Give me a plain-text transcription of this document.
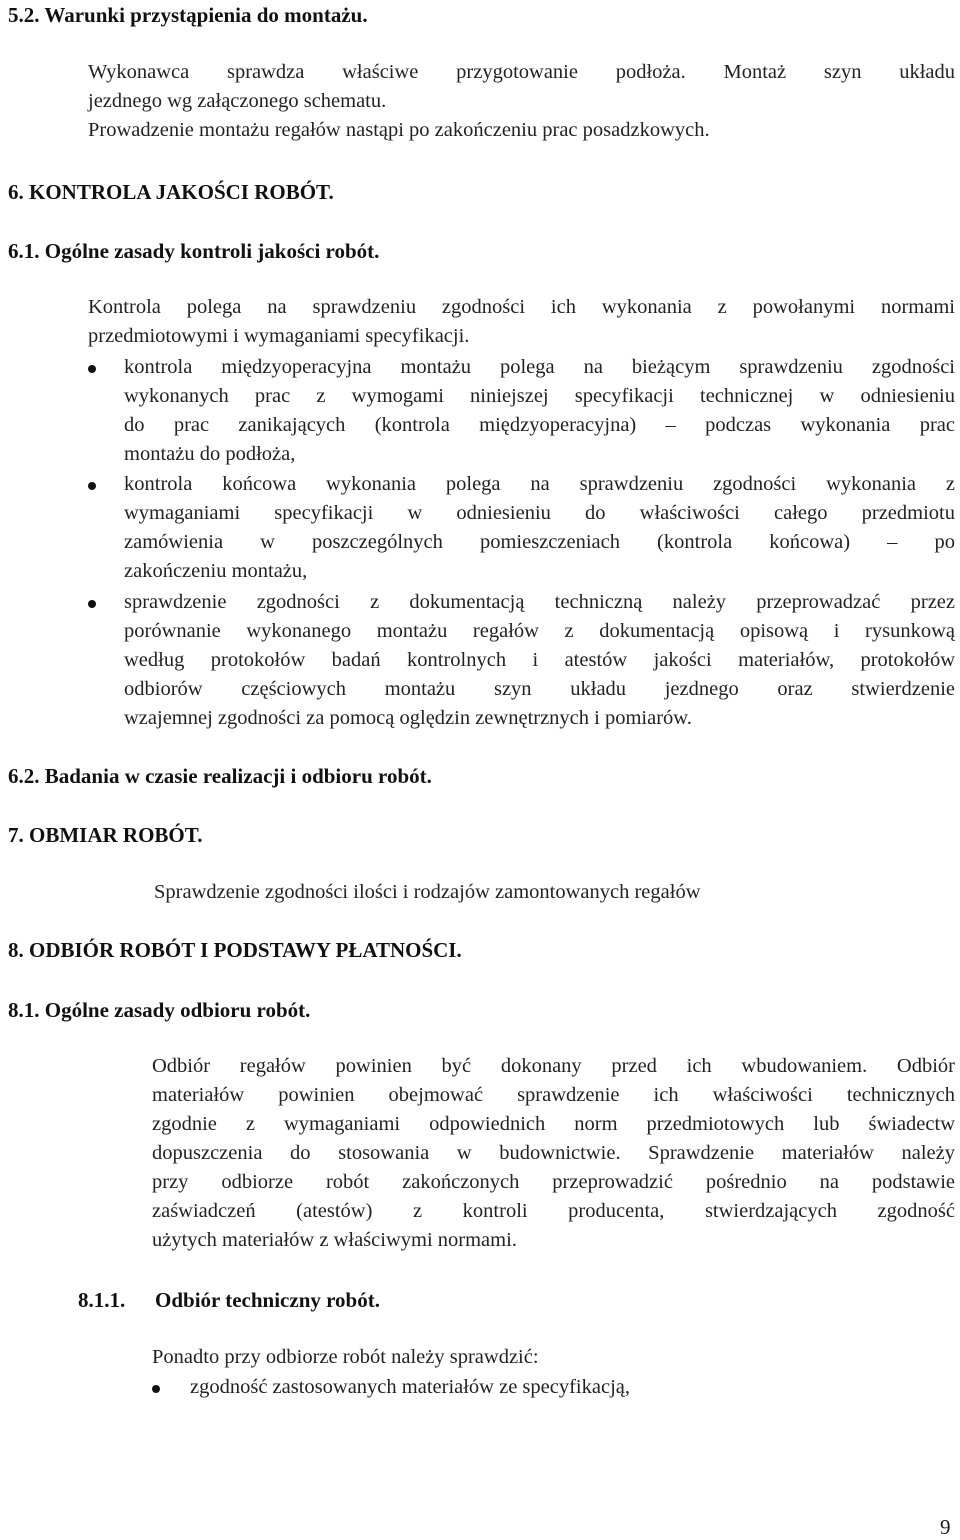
5.2. Warunki przystąpienia do montażu.
Wykonawca sprawdza właściwe przygotowanie podłoża. Montaż szyn układu
jezdnego wg załączonego schematu.
Prowadzenie montażu regałów nastąpi po zakończeniu prac posadzkowych.
6. KONTROLA JAKOŚCI ROBÓT.
6.1. Ogólne zasady kontroli jakości robót.
Kontrola polega na sprawdzeniu zgodności ich wykonania z powołanymi normami
przedmiotowymi i wymaganiami specyfikacji.
kontrola międzyoperacyjna montażu polega na bieżącym sprawdzeniu zgodności
wykonanych prac z wymogami niniejszej specyfikacji technicznej w odniesieniu
do prac zanikających (kontrola międzyoperacyjna) – podczas wykonania prac
montażu do podłoża,
kontrola końcowa wykonania polega na sprawdzeniu zgodności wykonania z
wymaganiami specyfikacji w odniesieniu do właściwości całego przedmiotu
zamówienia w poszczególnych pomieszczeniach (kontrola końcowa) – po
zakończeniu montażu,
sprawdzenie zgodności z dokumentacją techniczną należy przeprowadzać przez
porównanie wykonanego montażu regałów z dokumentacją opisową i rysunkową
według protokołów badań kontrolnych i atestów jakości materiałów, protokołów
odbiorów częściowych montażu szyn układu jezdnego oraz stwierdzenie
wzajemnej zgodności za pomocą oględzin zewnętrznych i pomiarów.
6.2. Badania w czasie realizacji i odbioru robót.
7. OBMIAR ROBÓT.
Sprawdzenie zgodności ilości i rodzajów zamontowanych regałów
8. ODBIÓR ROBÓT I PODSTAWY PŁATNOŚCI.
8.1. Ogólne zasady odbioru robót.
Odbiór regałów powinien być dokonany przed ich wbudowaniem. Odbiór
materiałów powinien obejmować sprawdzenie ich właściwości technicznych
zgodnie z wymaganiami odpowiednich norm przedmiotowych lub świadectw
dopuszczenia do stosowania w budownictwie. Sprawdzenie materiałów należy
przy odbiorze robót zakończonych przeprowadzić pośrednio na podstawie
zaświadczeń (atestów) z kontroli producenta, stwierdzających zgodność
użytych materiałów z właściwymi normami.
8.1.1. Odbiór techniczny robót.
Ponadto przy odbiorze robót należy sprawdzić:
zgodność zastosowanych materiałów ze specyfikacją,
9
